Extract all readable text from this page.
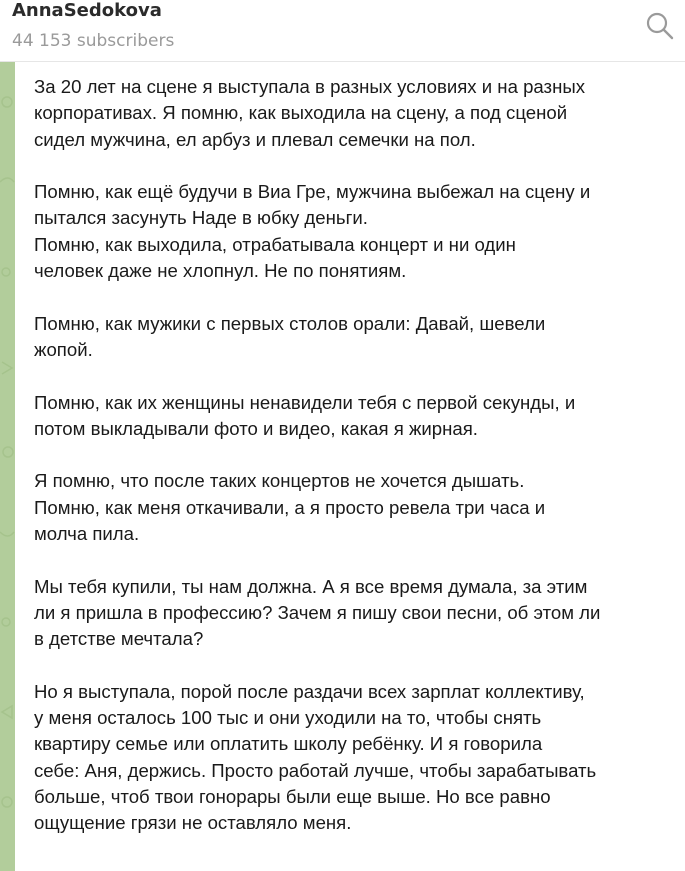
AnnaSedokova
44 153 subscribers

За 20 лет на сцене я выступала в разных условиях и на разных
корпоративах. Я помню, как выходила на сцену, а под сценой
сидел мужчина, ел арбуз и плевал семечки на пол.

Помню, как ещё будучи в Виа Гре, мужчина выбежал на сцену и
пытался засунуть Наде в юбку деньги.
Помню, как выходила, отрабатывала концерт и ни один
человек даже не хлопнул. Не по понятиям.

Помню, как мужики с первых столов орали: Давай, шевели
жопой.

Помню, как их женщины ненавидели тебя с первой секунды, и
потом выкладывали фото и видео, какая я жирная.

Я помню, что после таких концертов не хочется дышать.
Помню, как меня откачивали, а я просто ревела три часа и
молча пила.

Мы тебя купили, ты нам должна. А я все время думала, за этим
ли я пришла в профессию? Зачем я пишу свои песни, об этом ли
в детстве мечтала?

Но я выступала, порой после раздачи всех зарплат коллективу,
у меня осталось 100 тыс и они уходили на то, чтобы снять
квартиру семье или оплатить школу ребёнку. И я говорила
себе: Аня, держись. Просто работай лучше, чтобы зарабатывать
больше, чтоб твои гонорары были еще выше. Но все равно
ощущение грязи не оставляло меня.
